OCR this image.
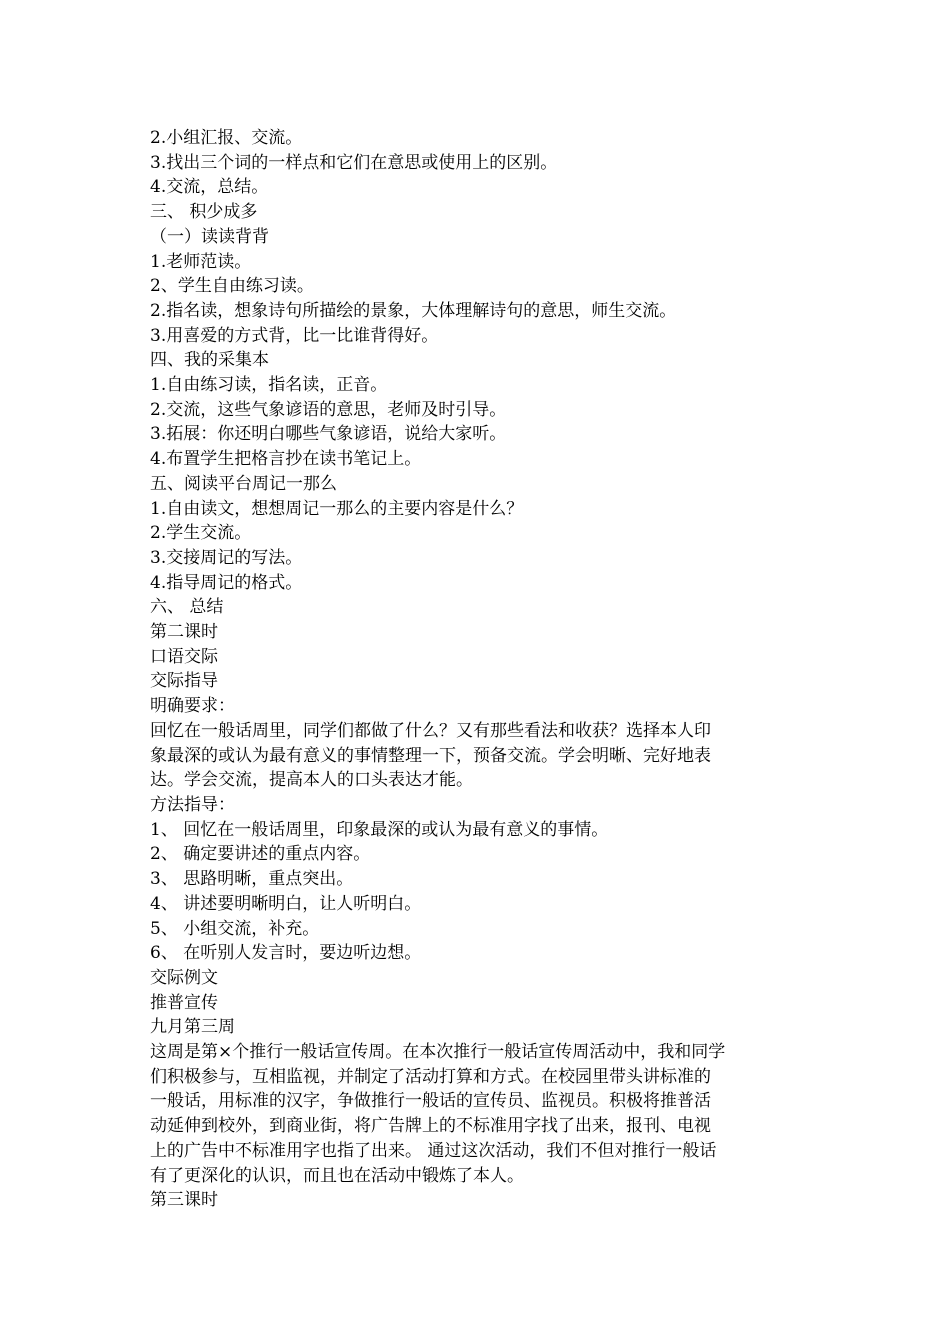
2.小组汇报、交流。

3.找出三个词的一样点和它们在意思或使用上的区别。

4.交流，总结。

三、 积少成多

（一）读读背背

1.老师范读。

2、学生自由练习读。

2.指名读，想象诗句所描绘的景象，大体理解诗句的意思，师生交流。

3.用喜爱的方式背，比一比谁背得好。

四、我的采集本

1.自由练习读，指名读，正音。

2.交流，这些气象谚语的意思，老师及时引导。

3.拓展：你还明白哪些气象谚语，说给大家听。

4.布置学生把格言抄在读书笔记上。

五、阅读平台周记一那么

1.自由读文，想想周记一那么的主要内容是什么？

2.学生交流。

3.交接周记的写法。

4.指导周记的格式。

六、 总结

第二课时

口语交际

交际指导

明确要求：

回忆在一般话周里，同学们都做了什么？又有那些看法和收获？选择本人印

象最深的或认为最有意义的事情整理一下，预备交流。学会明晰、完好地表

达。学会交流，提高本人的口头表达才能。

方法指导：

1、 回忆在一般话周里，印象最深的或认为最有意义的事情。

2、 确定要讲述的重点内容。

3、 思路明晰，重点突出。

4、 讲述要明晰明白，让人听明白。

5、 小组交流，补充。

6、 在听别人发言时，要边听边想。

交际例文

推普宣传

九月第三周

这周是第×个推行一般话宣传周。在本次推行一般话宣传周活动中，我和同学

们积极参与，互相监视，并制定了活动打算和方式。在校园里带头讲标准的

一般话，用标准的汉字，争做推行一般话的宣传员、监视员。积极将推普活

动延伸到校外，到商业街，将广告牌上的不标准用字找了出来，报刊、电视

上的广告中不标准用字也指了出来。 通过这次活动，我们不但对推行一般话

有了更深化的认识，而且也在活动中锻炼了本人。

第三课时
